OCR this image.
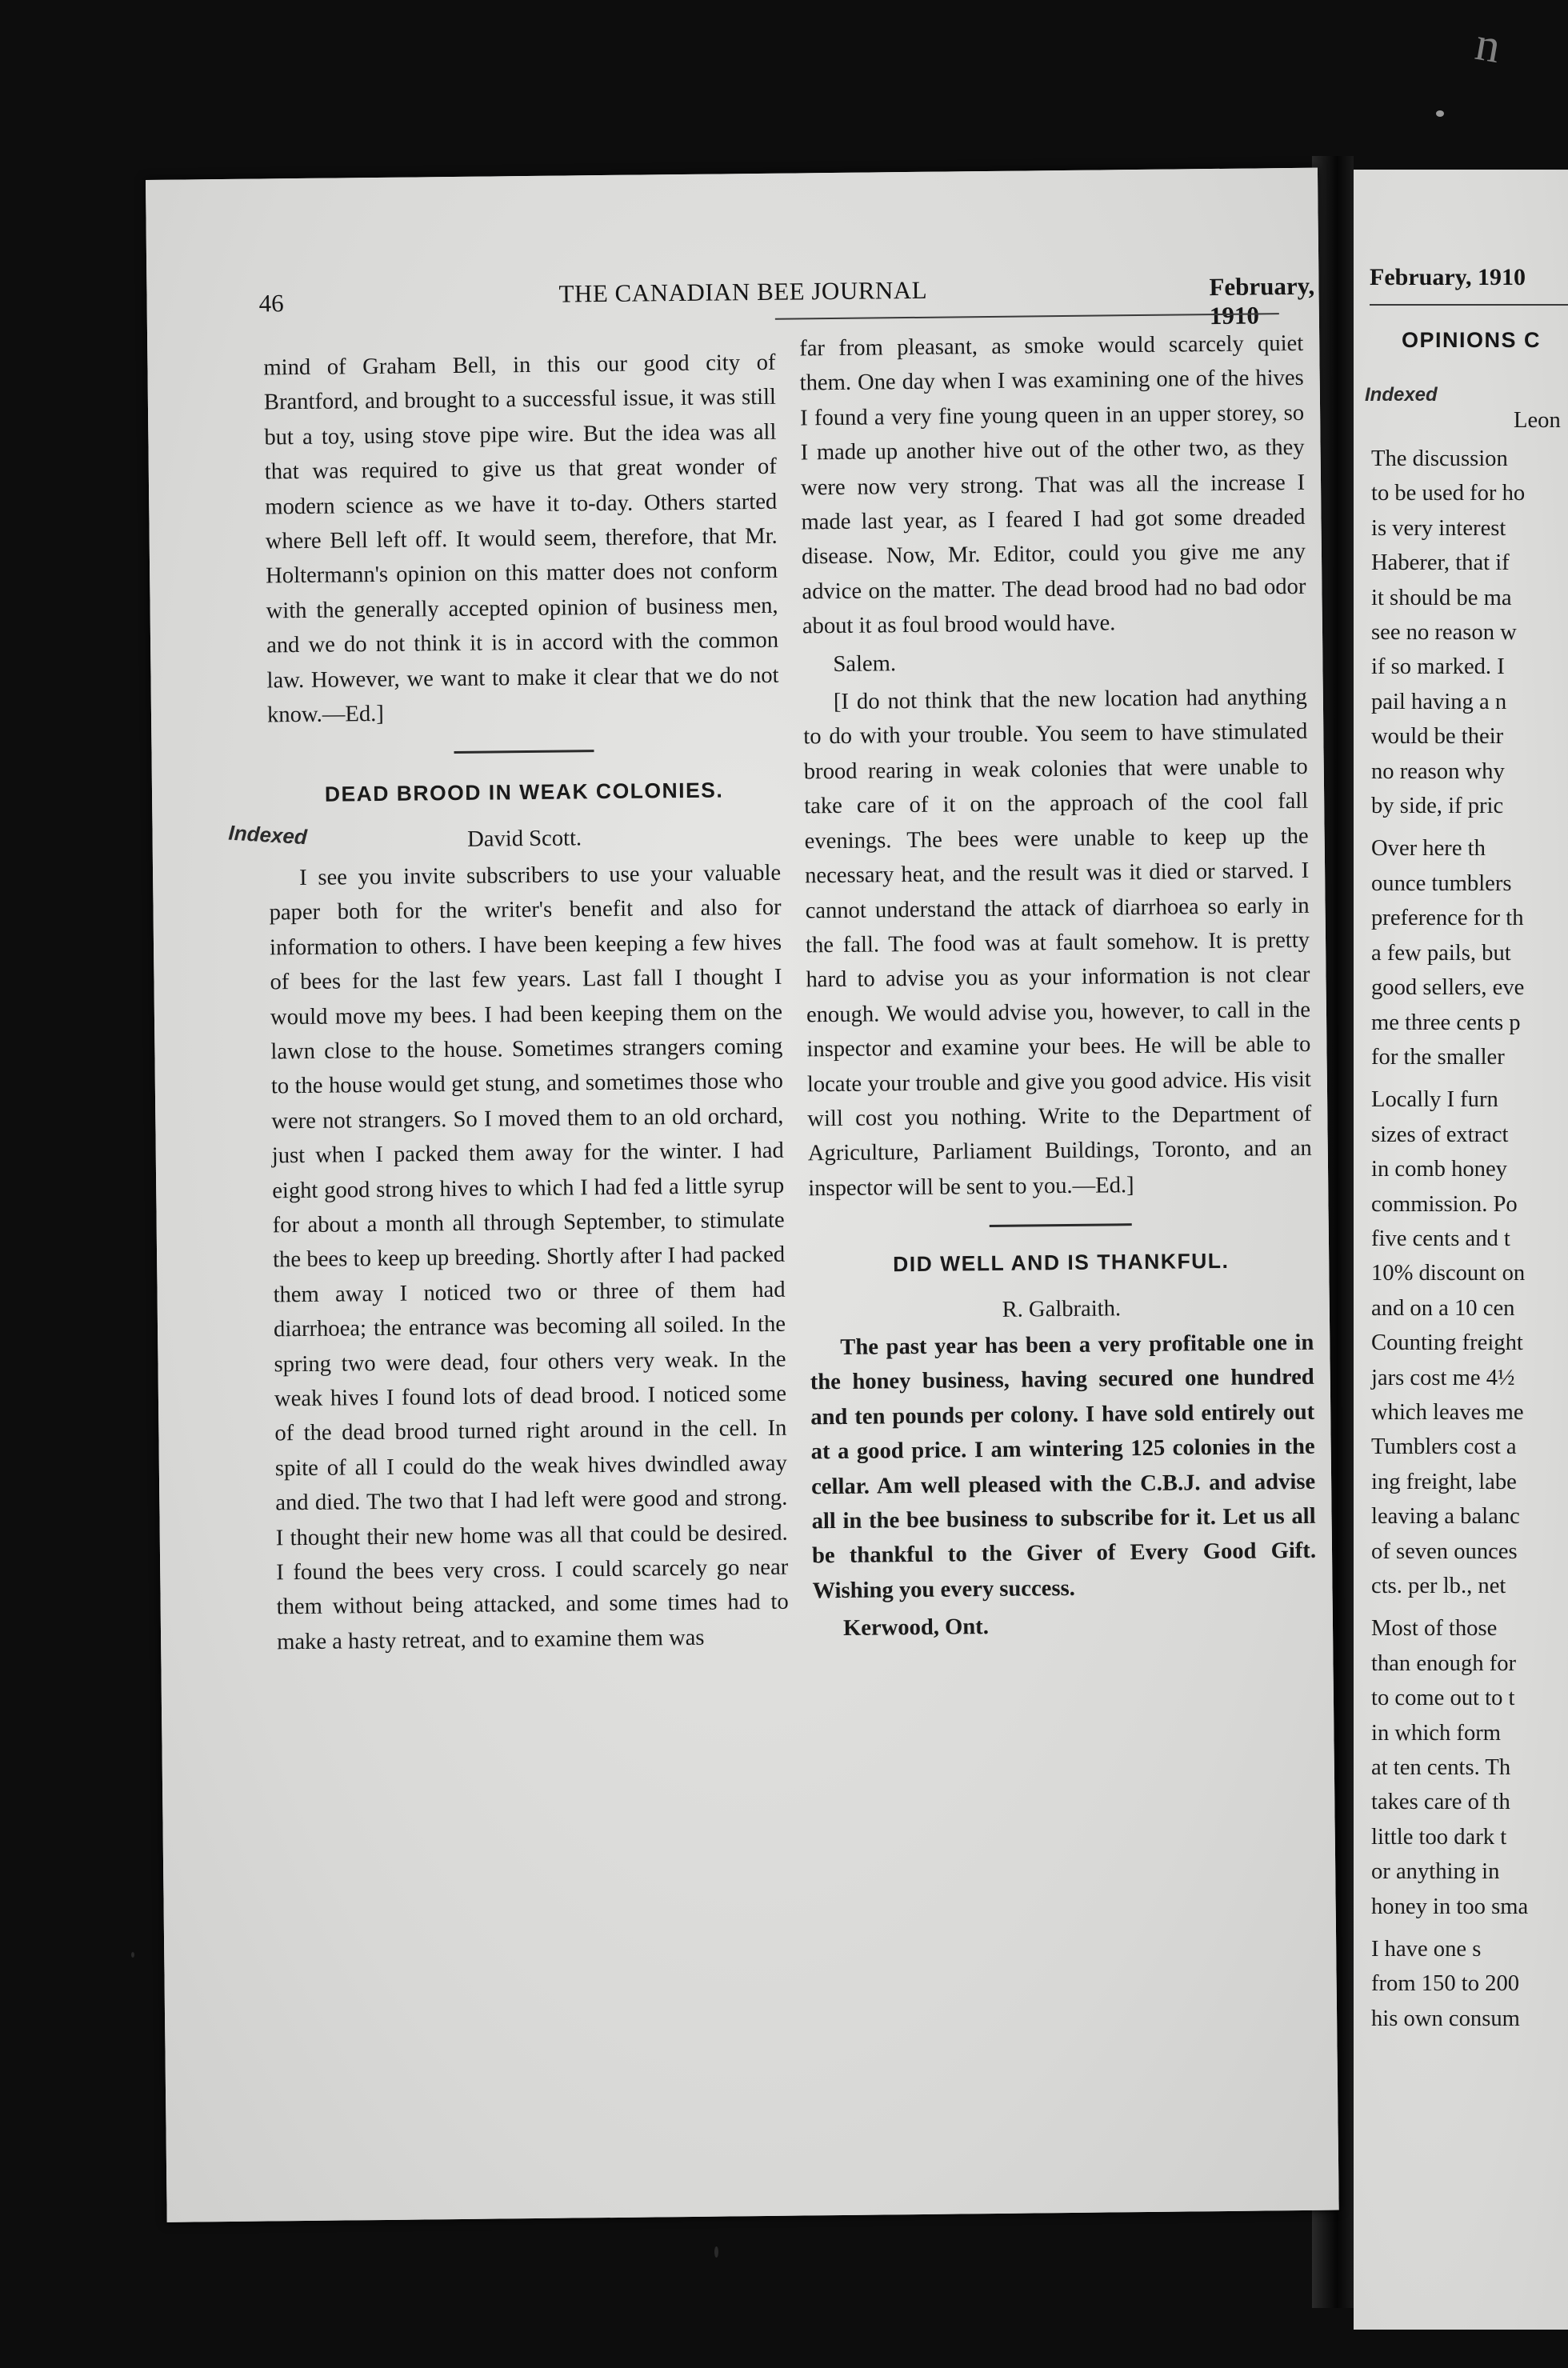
n
February, 1910
OPINIONS C
Indexed
Leon
The discussion
to be used for ho
is very interest
Haberer, that if
it should be ma
see no reason w
if so marked. I
pail having a n
would be their
no reason why
by side, if pric
Over here th
ounce tumblers
preference for th
a few pails, but
good sellers, eve
me three cents p
for the smaller
Locally I furn
sizes of extract
in comb honey
commission. Po
five cents and t
10% discount on
and on a 10 cen
Counting freight
jars cost me 4½
which leaves me
Tumblers cost a
ing freight, labe
leaving a balanc
of seven ounces
cts. per lb., net
Most of those
than enough for
to come out to t
in which form
at ten cents. Th
takes care of th
little too dark t
or anything in
honey in too sma
I have one s
from 150 to 200
his own consum
46	THE CANADIAN BEE JOURNAL	February, 1910

mind of Graham Bell, in this our good city of Brantford, and brought to a successful issue, it was still but a toy, using stove pipe wire. But the idea was all that was required to give us that great wonder of modern science as we have it to-day. Others started where Bell left off. It would seem, therefore, that Mr. Holtermann's opinion on this matter does not conform with the generally accepted opinion of business men, and we do not think it is in accord with the common law. However, we want to make it clear that we do not know.—Ed.]

DEAD BROOD IN WEAK COLONIES.

Indexed	David Scott.

I see you invite subscribers to use your valuable paper both for the writer's benefit and also for information to others. I have been keeping a few hives of bees for the last few years. Last fall I thought I would move my bees. I had been keeping them on the lawn close to the house. Sometimes strangers coming to the house would get stung, and sometimes those who were not strangers. So I moved them to an old orchard, just when I packed them away for the winter. I had eight good strong hives to which I had fed a little syrup for about a month all through September, to stimulate the bees to keep up breeding. Shortly after I had packed them away I noticed two or three of them had diarrhoea; the entrance was becoming all soiled. In the spring two were dead, four others very weak. In the weak hives I found lots of dead brood. I noticed some of the dead brood turned right around in the cell. In spite of all I could do the weak hives dwindled away and died. The two that I had left were good and strong. I thought their new home was all that could be desired. I found the bees very cross. I could scarcely go near them without being attacked, and some times had to make a hasty retreat, and to examine them was

far from pleasant, as smoke would scarcely quiet them. One day when I was examining one of the hives I found a very fine young queen in an upper storey, so I made up another hive out of the other two, as they were now very strong. That was all the increase I made last year, as I feared I had got some dreaded disease. Now, Mr. Editor, could you give me any advice on the matter. The dead brood had no bad odor about it as foul brood would have.

Salem.

[I do not think that the new location had anything to do with your trouble. You seem to have stimulated brood rearing in weak colonies that were unable to take care of it on the approach of the cool fall evenings. The bees were unable to keep up the necessary heat, and the result was it died or starved. I cannot understand the attack of diarrhoea so early in the fall. The food was at fault somehow. It is pretty hard to advise you as your information is not clear enough. We would advise you, however, to call in the inspector and examine your bees. He will be able to locate your trouble and give you good advice. His visit will cost you nothing. Write to the Department of Agriculture, Parliament Buildings, Toronto, and an inspector will be sent to you.—Ed.]

DID WELL AND IS THANKFUL.

R. Galbraith.

The past year has been a very profitable one in the honey business, having secured one hundred and ten pounds per colony. I have sold entirely out at a good price. I am wintering 125 colonies in the cellar. Am well pleased with the C.B.J. and advise all in the bee business to subscribe for it. Let us all be thankful to the Giver of Every Good Gift. Wishing you every success.

Kerwood, Ont.
